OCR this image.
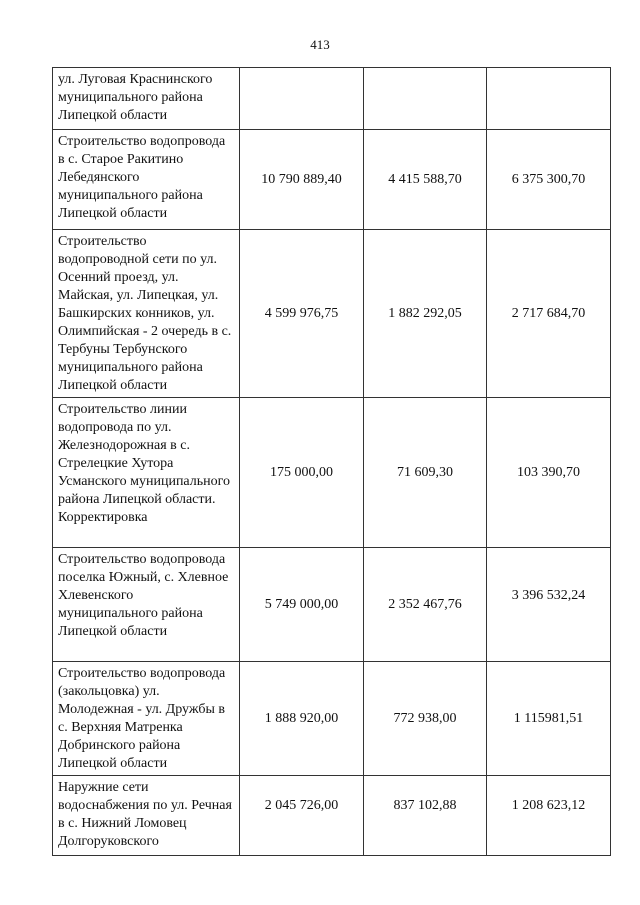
413
ул. Луговая Краснинского муниципального района Липецкой области			
Строительство водопровода в с. Старое Ракитино Лебедянского муниципального района Липецкой области	10 790 889,40	4 415 588,70	6 375 300,70
Строительство водопроводной сети по ул. Осенний проезд, ул. Майская, ул. Липецкая, ул. Башкирских конников, ул. Олимпийская - 2 очередь в с. Тербуны Тербунского муниципального района Липецкой области	4 599 976,75	1 882 292,05	2 717 684,70
Строительство линии водопровода по ул. Железнодорожная в с. Стрелецкие Хутора Усманского муниципального района Липецкой области. Корректировка	175 000,00	71 609,30	103 390,70
Строительство водопровода поселка Южный, с. Хлевное Хлевенского муниципального района Липецкой области	5 749 000,00	2 352 467,76	3 396 532,24
Строительство водопровода (закольцовка) ул. Молодежная - ул. Дружбы в с. Верхняя Матренка Добринского района Липецкой области	1 888 920,00	772 938,00	1 115981,51
Наружние сети водоснабжения по ул. Речная в с. Нижний Ломовец Долгоруковского	2 045 726,00	837 102,88	1 208 623,12
